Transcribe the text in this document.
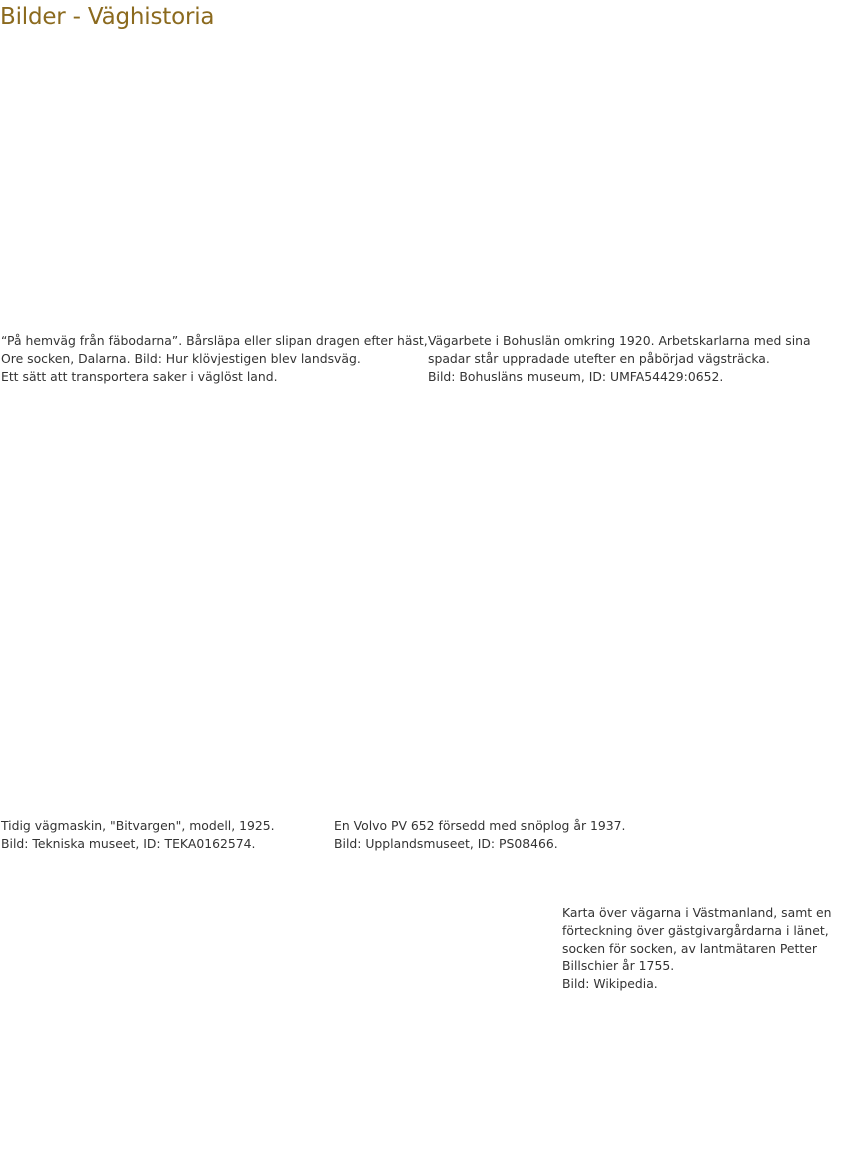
Bilder - Väghistoria
“På hemväg från fäbodarna”. Bårsläpa eller slipan dragen efter häst,
Ore socken, Dalarna. Bild: Hur klövjestigen blev landsväg.
Ett sätt att transportera saker i väglöst land.
Vägarbete i Bohuslän omkring 1920. Arbetskarlarna med sina
spadar står uppradade utefter en påbörjad vägsträcka.
Bild: Bohusläns museum, ID: UMFA54429:0652.
Tidig vägmaskin, "Bitvargen", modell, 1925.
Bild: Tekniska museet, ID: TEKA0162574.
En Volvo PV 652 försedd med snöplog år 1937.
Bild: Upplandsmuseet, ID: PS08466.
Karta över vägarna i Västmanland, samt en
förteckning över gästgivargårdarna i länet,
socken för socken, av lantmätaren Petter
Billschier år 1755.
Bild: Wikipedia.
